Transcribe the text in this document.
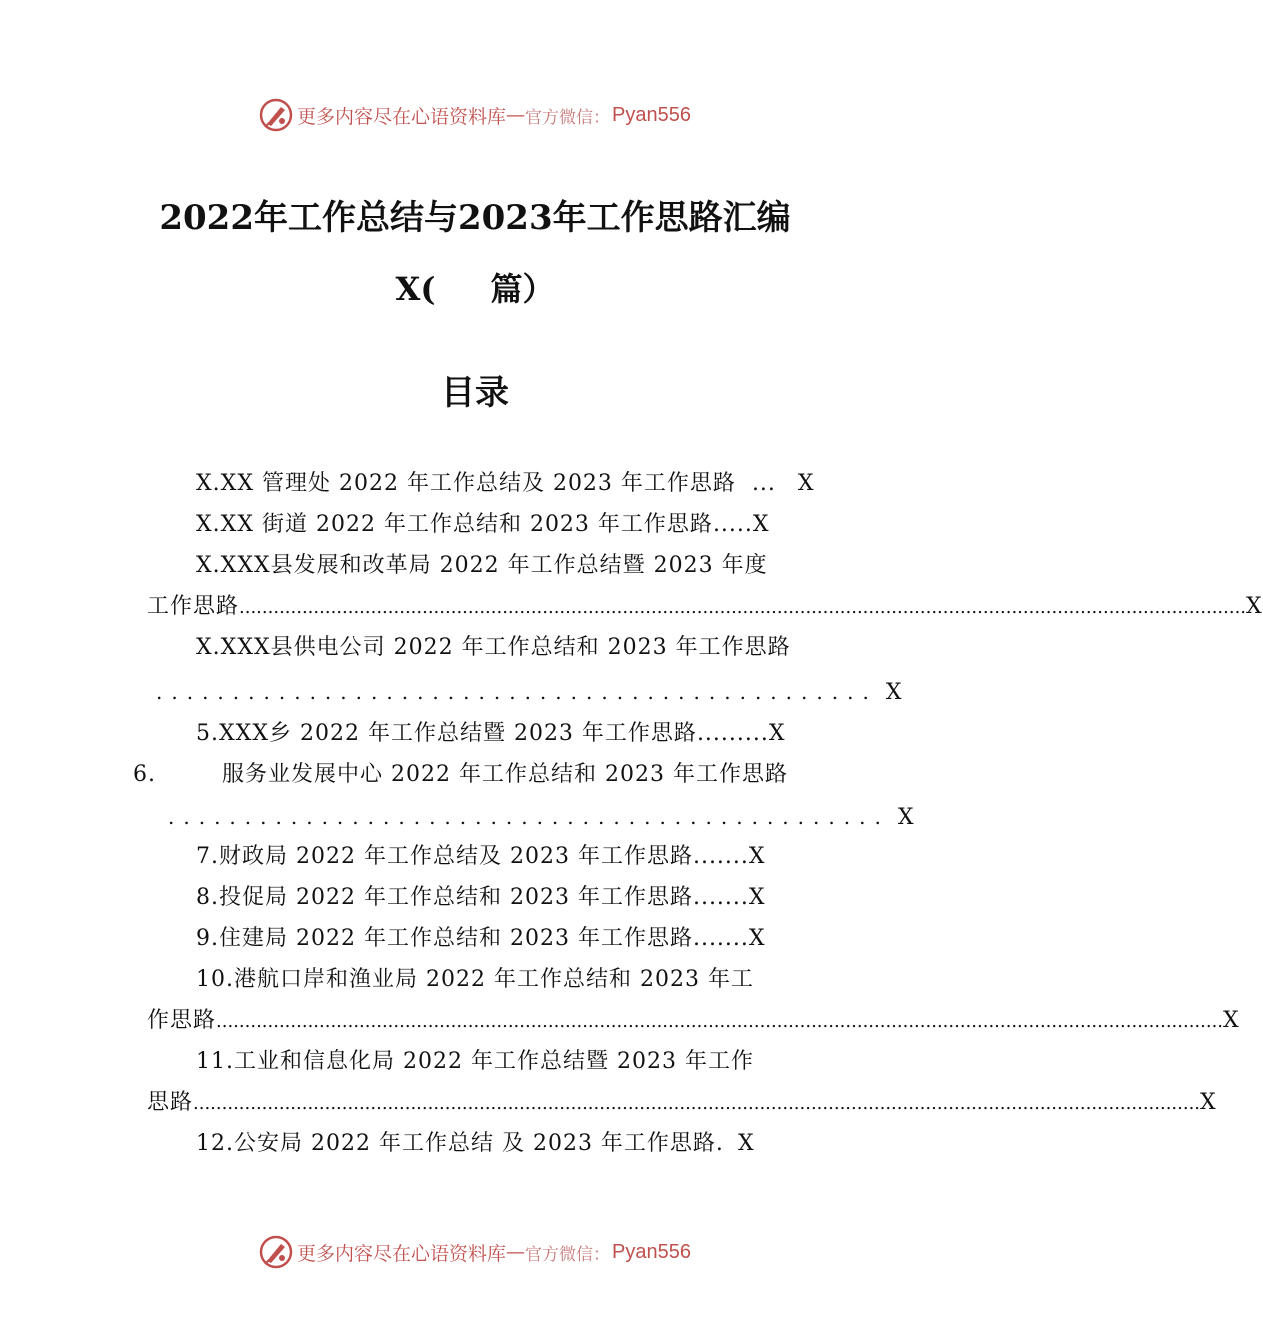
更多内容尽在心语资料库 — 官方微信： Pyan556
2022年工作总结与2023年工作思路汇编
X( 篇）
目录
X.XX 管理处 2022 年工作总结及 2023 年工作思路 ... X
X.XX 街道 2022 年工作总结和 2023 年工作思路.....X
X.XXX县发展和改革局 2022 年工作总结暨 2023 年度
工作思路 ................................................................................................................................................................................ X
X.XXX县供电公司 2022 年工作总结和 2023 年工作思路
............................................... X
5.XXX乡 2022 年工作总结暨 2023 年工作思路.........X
6.	服务业发展中心 2022 年工作总结和 2023 年工作思路
............................................... X
7.财政局 2022 年工作总结及 2023 年工作思路.......X
8.投促局 2022 年工作总结和 2023 年工作思路.......X
9.住建局 2022 年工作总结和 2023 年工作思路.......X
10.港航口岸和渔业局 2022 年工作总结和 2023 年工
作思路 ................................................................................................................................................................................ X
11.工业和信息化局 2022 年工作总结暨 2023 年工作
思路 ................................................................................................................................................................................ X
12.公安局 2022 年工作总结 及 2023 年工作思路. X
更多内容尽在心语资料库 — 官方微信： Pyan556
